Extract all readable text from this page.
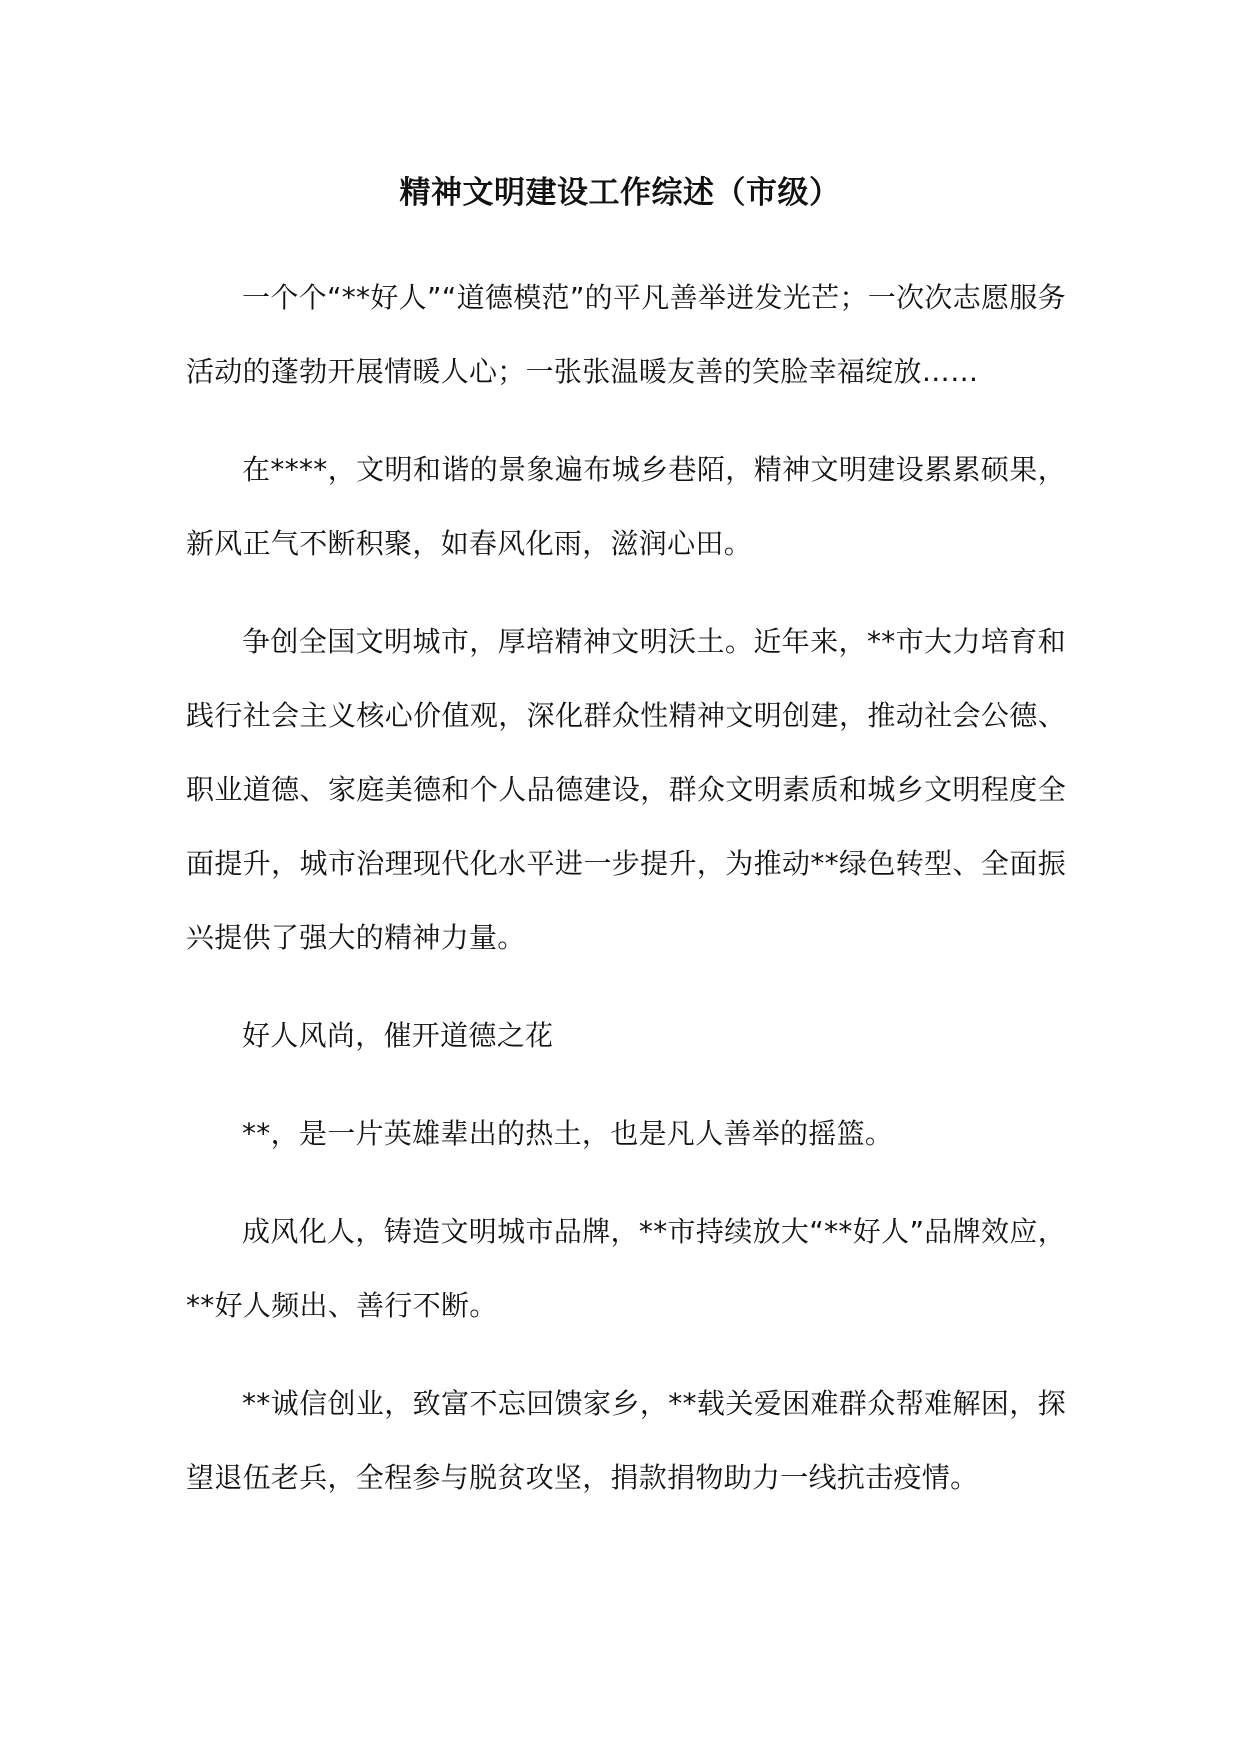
精神文明建设工作综述（市级）

一个个“**好人”“道德模范”的平凡善举迸发光芒；一次次志愿服务活动的蓬勃开展情暖人心；一张张温暖友善的笑脸幸福绽放……

在****，文明和谐的景象遍布城乡巷陌，精神文明建设累累硕果，新风正气不断积聚，如春风化雨，滋润心田。

争创全国文明城市，厚培精神文明沃土。近年来，**市大力培育和践行社会主义核心价值观，深化群众性精神文明创建，推动社会公德、职业道德、家庭美德和个人品德建设，群众文明素质和城乡文明程度全面提升，城市治理现代化水平进一步提升，为推动**绿色转型、全面振兴提供了强大的精神力量。

好人风尚，催开道德之花

**，是一片英雄辈出的热土，也是凡人善举的摇篮。

成风化人，铸造文明城市品牌，**市持续放大“**好人”品牌效应，**好人频出、善行不断。

**诚信创业，致富不忘回馈家乡，**载关爱困难群众帮难解困，探望退伍老兵，全程参与脱贫攻坚，捐款捐物助力一线抗击疫情。
